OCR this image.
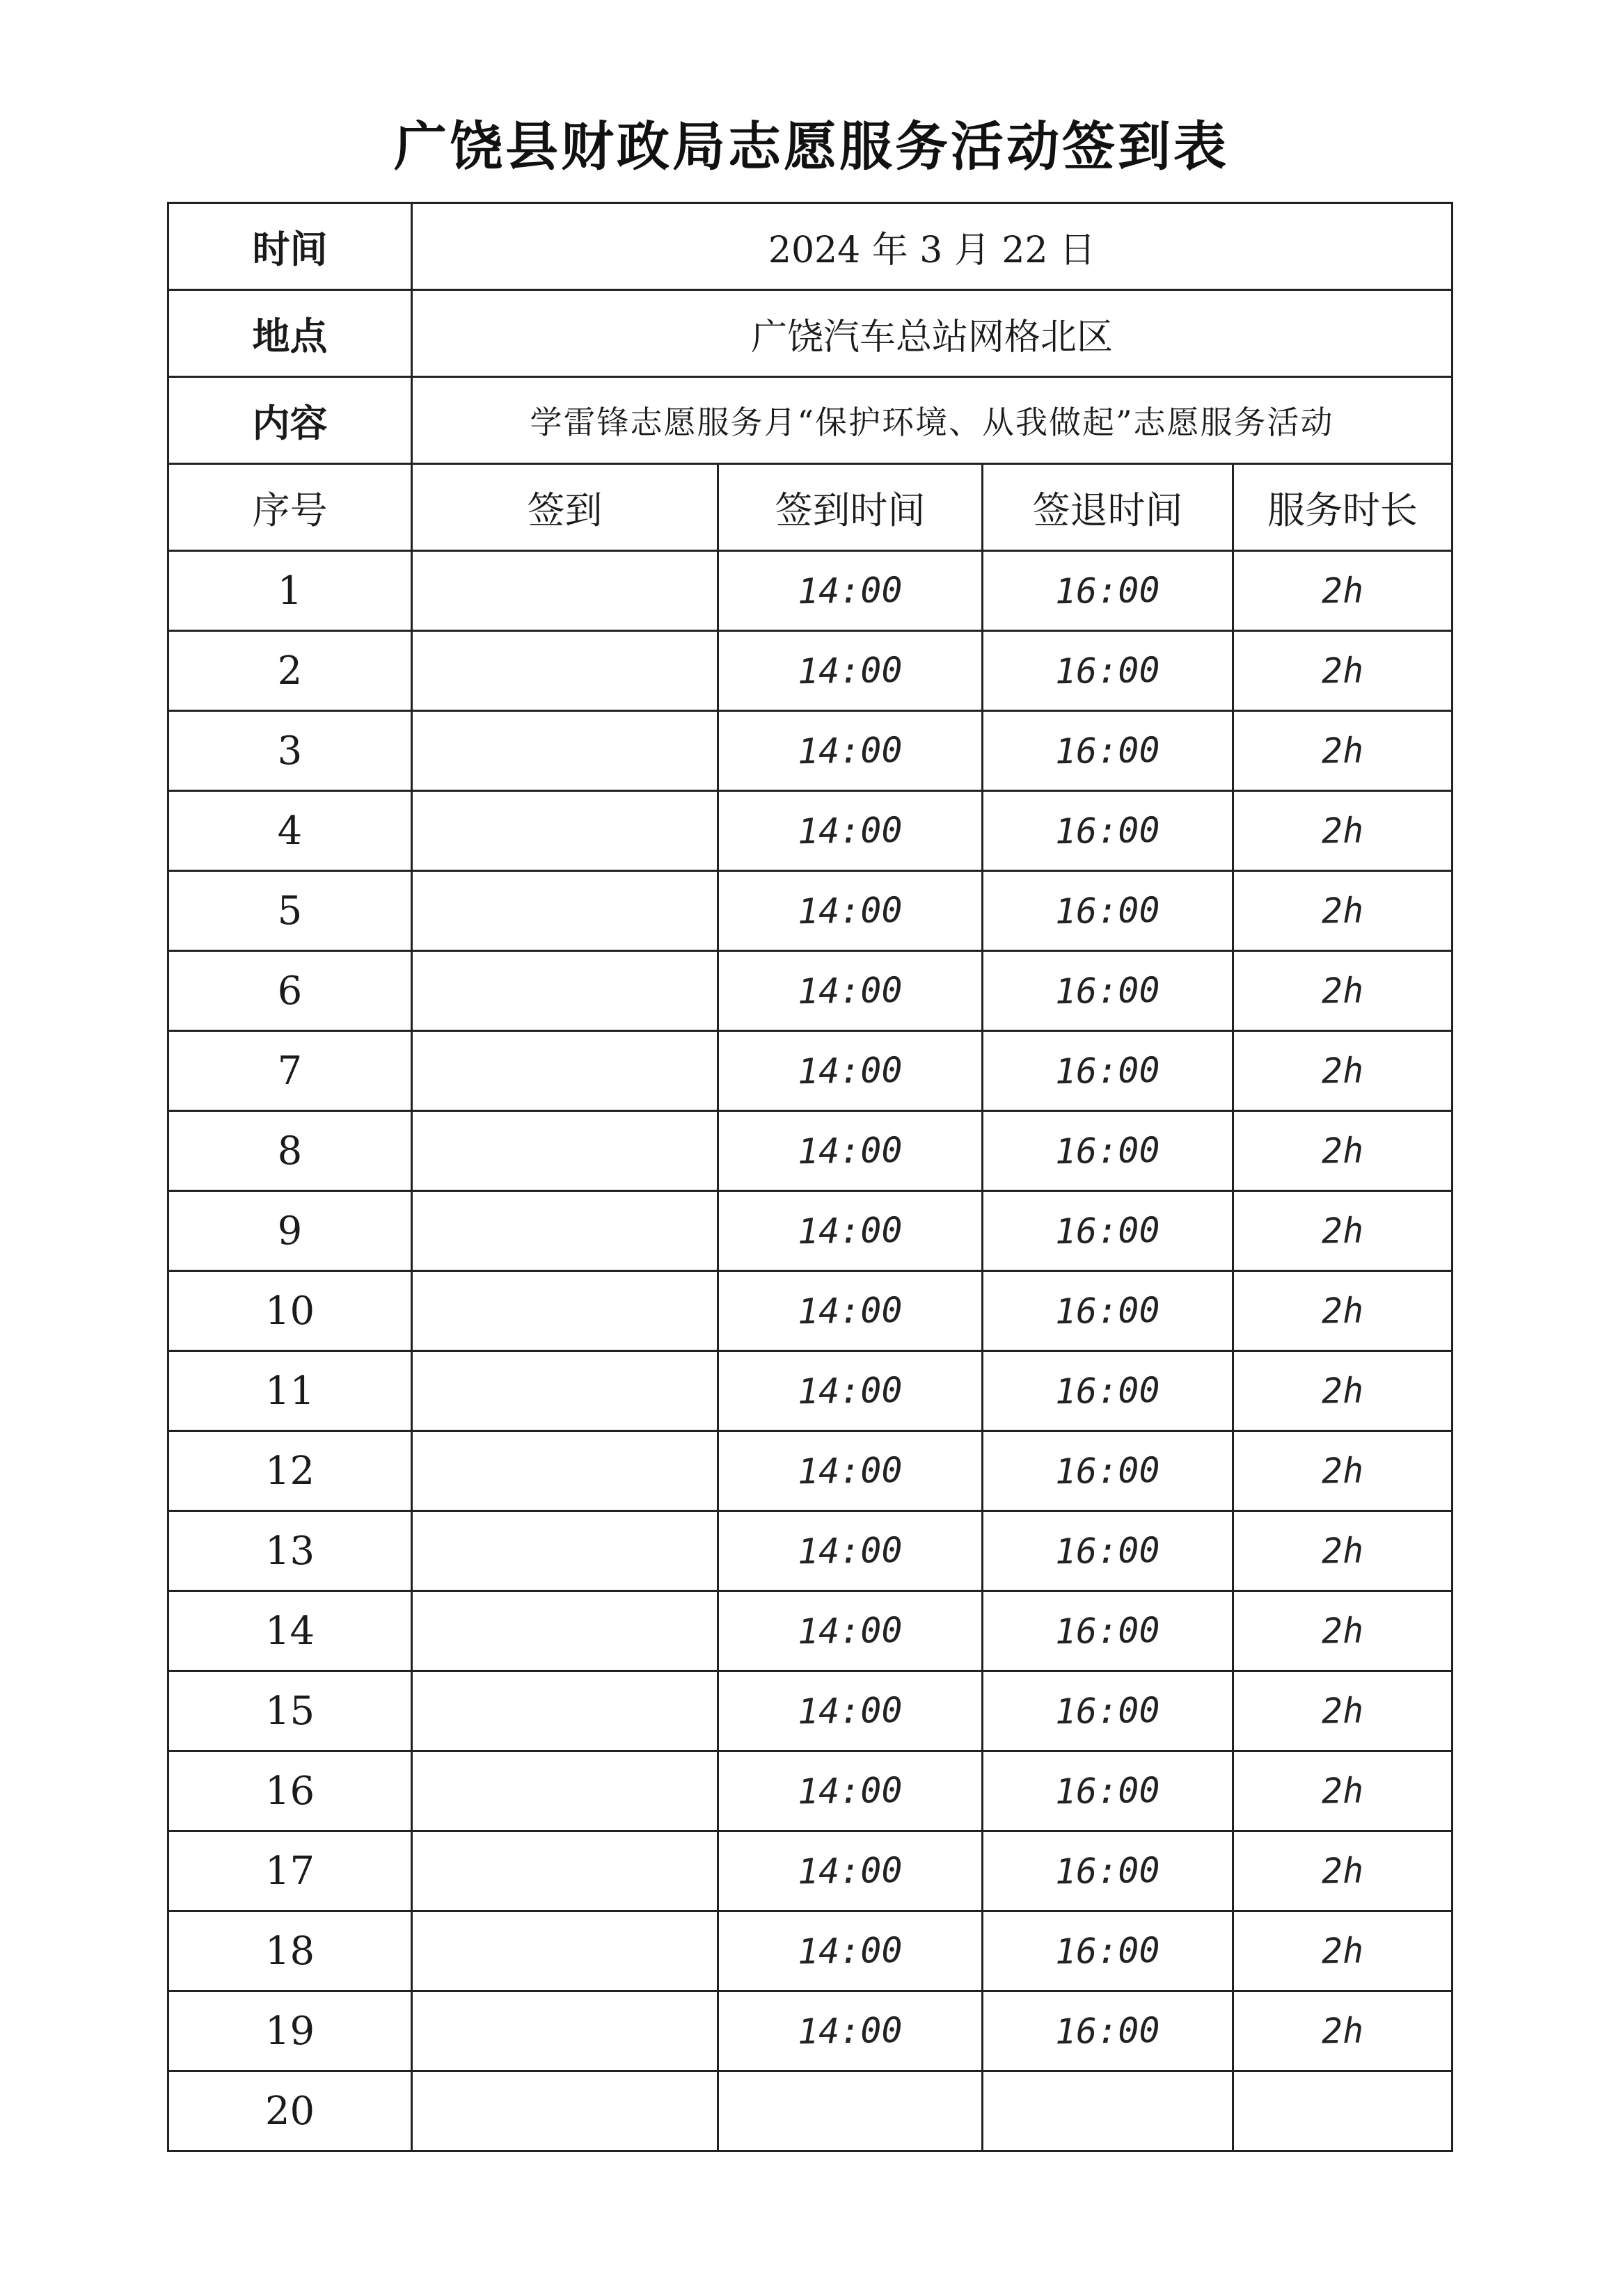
广饶县财政局志愿服务活动签到表
时间	2024 年 3 月 22 日			
地点	广饶汽车总站网格北区			
内容	学雷锋志愿服务月“保护环境、从我做起”志愿服务活动			
序号	签到	签到时间	签退时间	服务时长
1		14:00	16:00	2h
2		14:00	16:00	2h
3		14:00	16:00	2h
4		14:00	16:00	2h
5		14:00	16:00	2h
6		14:00	16:00	2h
7		14:00	16:00	2h
8		14:00	16:00	2h
9		14:00	16:00	2h
10		14:00	16:00	2h
11		14:00	16:00	2h
12		14:00	16:00	2h
13		14:00	16:00	2h
14		14:00	16:00	2h
15		14:00	16:00	2h
16		14:00	16:00	2h
17		14:00	16:00	2h
18		14:00	16:00	2h
19		14:00	16:00	2h
20				
